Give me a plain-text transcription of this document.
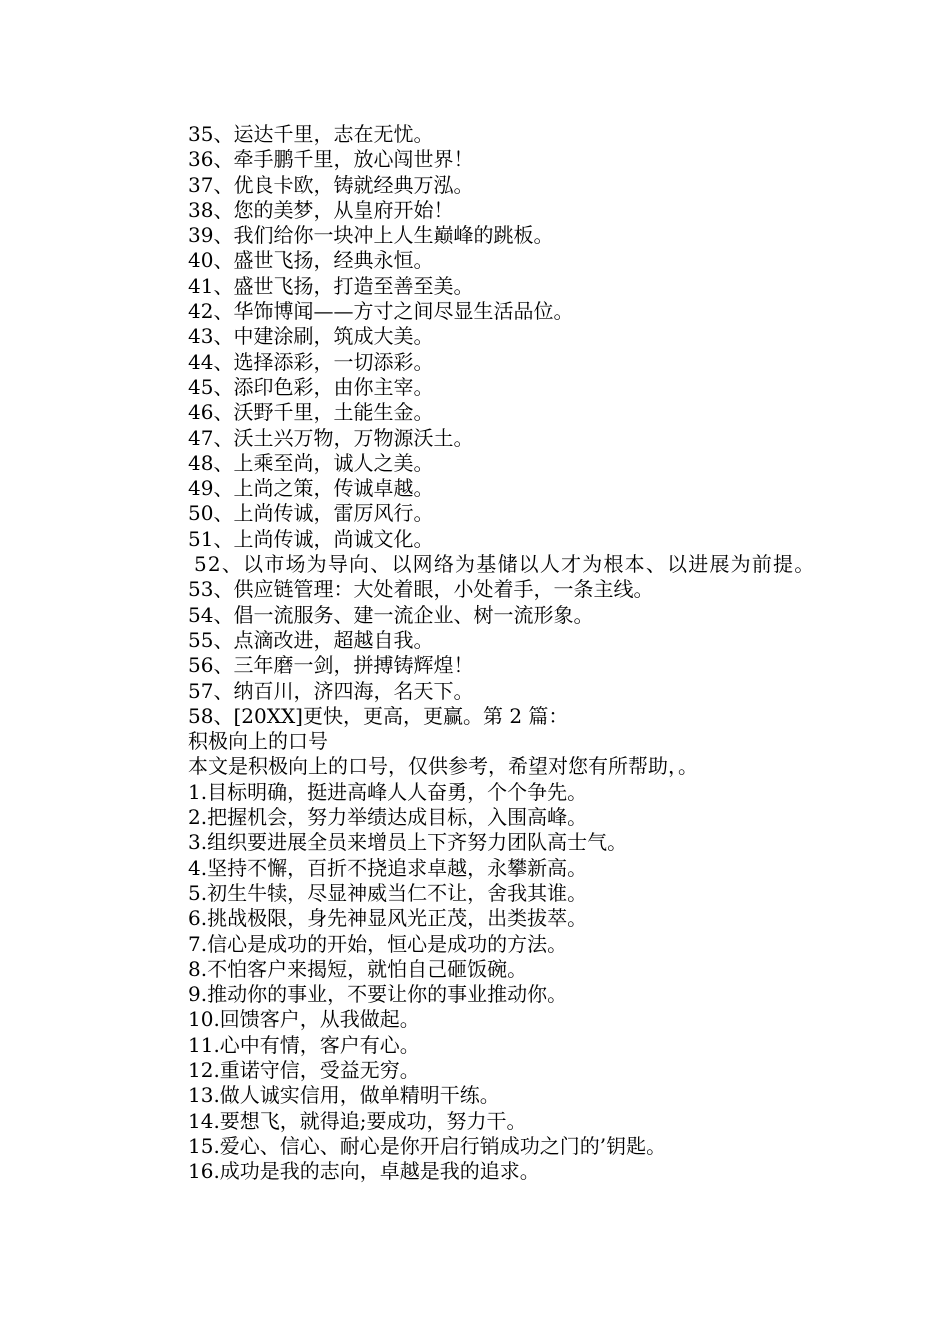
35、运达千里，志在无忧。
36、牵手鹏千里，放心闯世界！
37、优良卡欧，铸就经典万泓。
38、您的美梦，从皇府开始！
39、我们给你一块冲上人生巅峰的跳板。
40、盛世飞扬，经典永恒。
41、盛世飞扬，打造至善至美。
42、华饰博闻——方寸之间尽显生活品位。
43、中建涂刷，筑成大美。
44、选择添彩，一切添彩。
45、添印色彩，由你主宰。
46、沃野千里，土能生金。
47、沃土兴万物，万物源沃土。
48、上乘至尚，诚人之美。
49、上尚之策，传诚卓越。
50、上尚传诚，雷厉风行。
51、上尚传诚，尚诚文化。
52、以市场为导向、以网络为基储以人才为根本、以进展为前提。
53、供应链管理：大处着眼，小处着手，一条主线。
54、倡一流服务、建一流企业、树一流形象。
55、点滴改进，超越自我。
56、三年磨一剑，拼搏铸辉煌！
57、纳百川，济四海，名天下。
58、[20XX]更快，更高，更赢。第 2 篇：
积极向上的口号
本文是积极向上的口号，仅供参考，希望对您有所帮助，。
1.目标明确，挺进高峰人人奋勇，个个争先。
2.把握机会，努力举绩达成目标，入围高峰。
3.组织要进展全员来增员上下齐努力团队高士气。
4.坚持不懈，百折不挠追求卓越，永攀新高。
5.初生牛犊，尽显神威当仁不让，舍我其谁。
6.挑战极限，身先神显风光正茂，出类拔萃。
7.信心是成功的开始，恒心是成功的方法。
8.不怕客户来揭短，就怕自己砸饭碗。
9.推动你的事业，不要让你的事业推动你。
10.回馈客户，从我做起。
11.心中有情，客户有心。
12.重诺守信，受益无穷。
13.做人诚实信用，做单精明干练。
14.要想飞，就得追;要成功，努力干。
15.爱心、信心、耐心是你开启行销成功之门的’钥匙。
16.成功是我的志向，卓越是我的追求。
